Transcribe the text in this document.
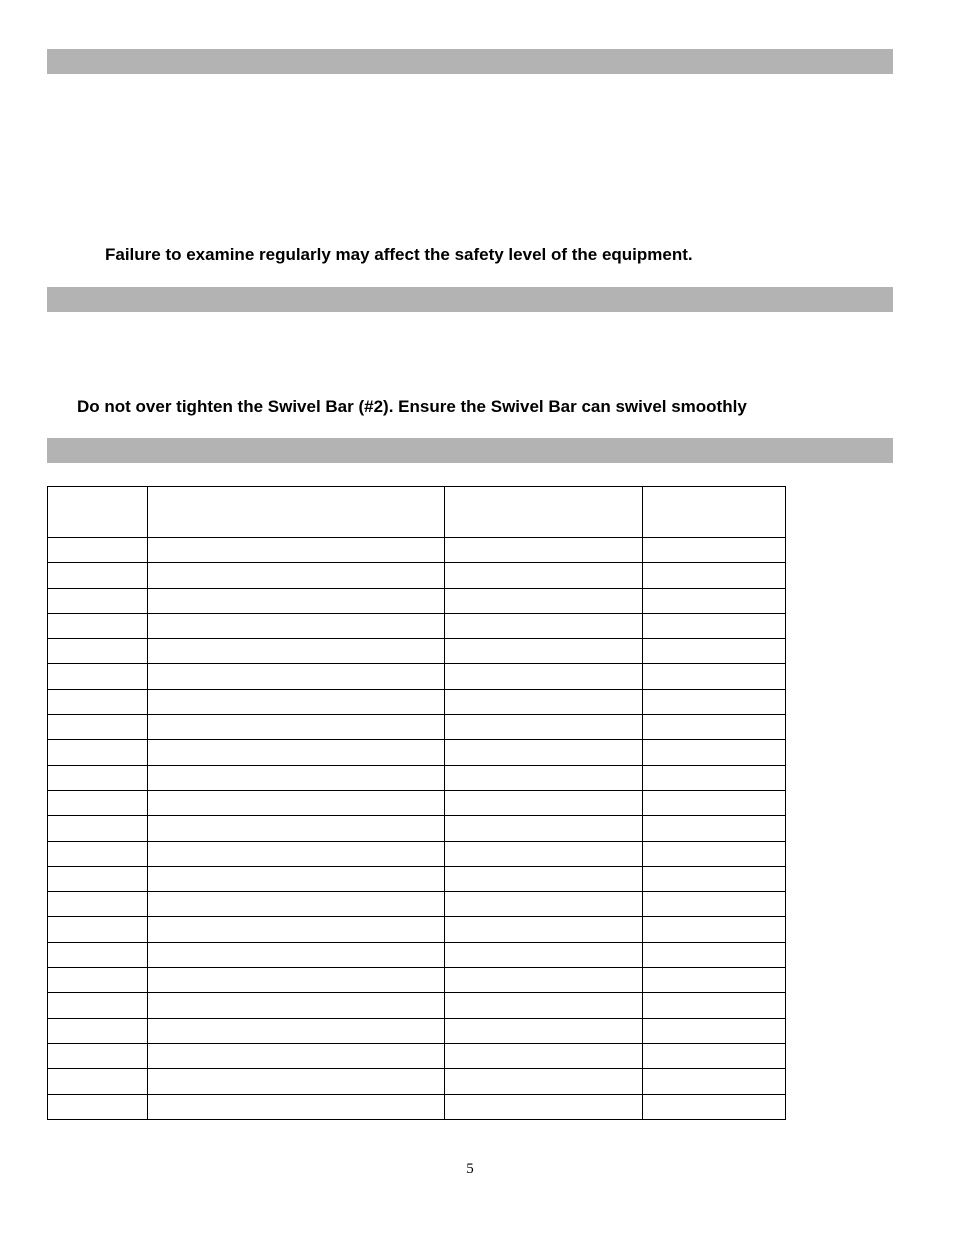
Failure to examine regularly may affect the safety level of the equipment.

Do not over tighten the Swivel Bar (#2). Ensure the Swivel Bar can swivel smoothly

5
